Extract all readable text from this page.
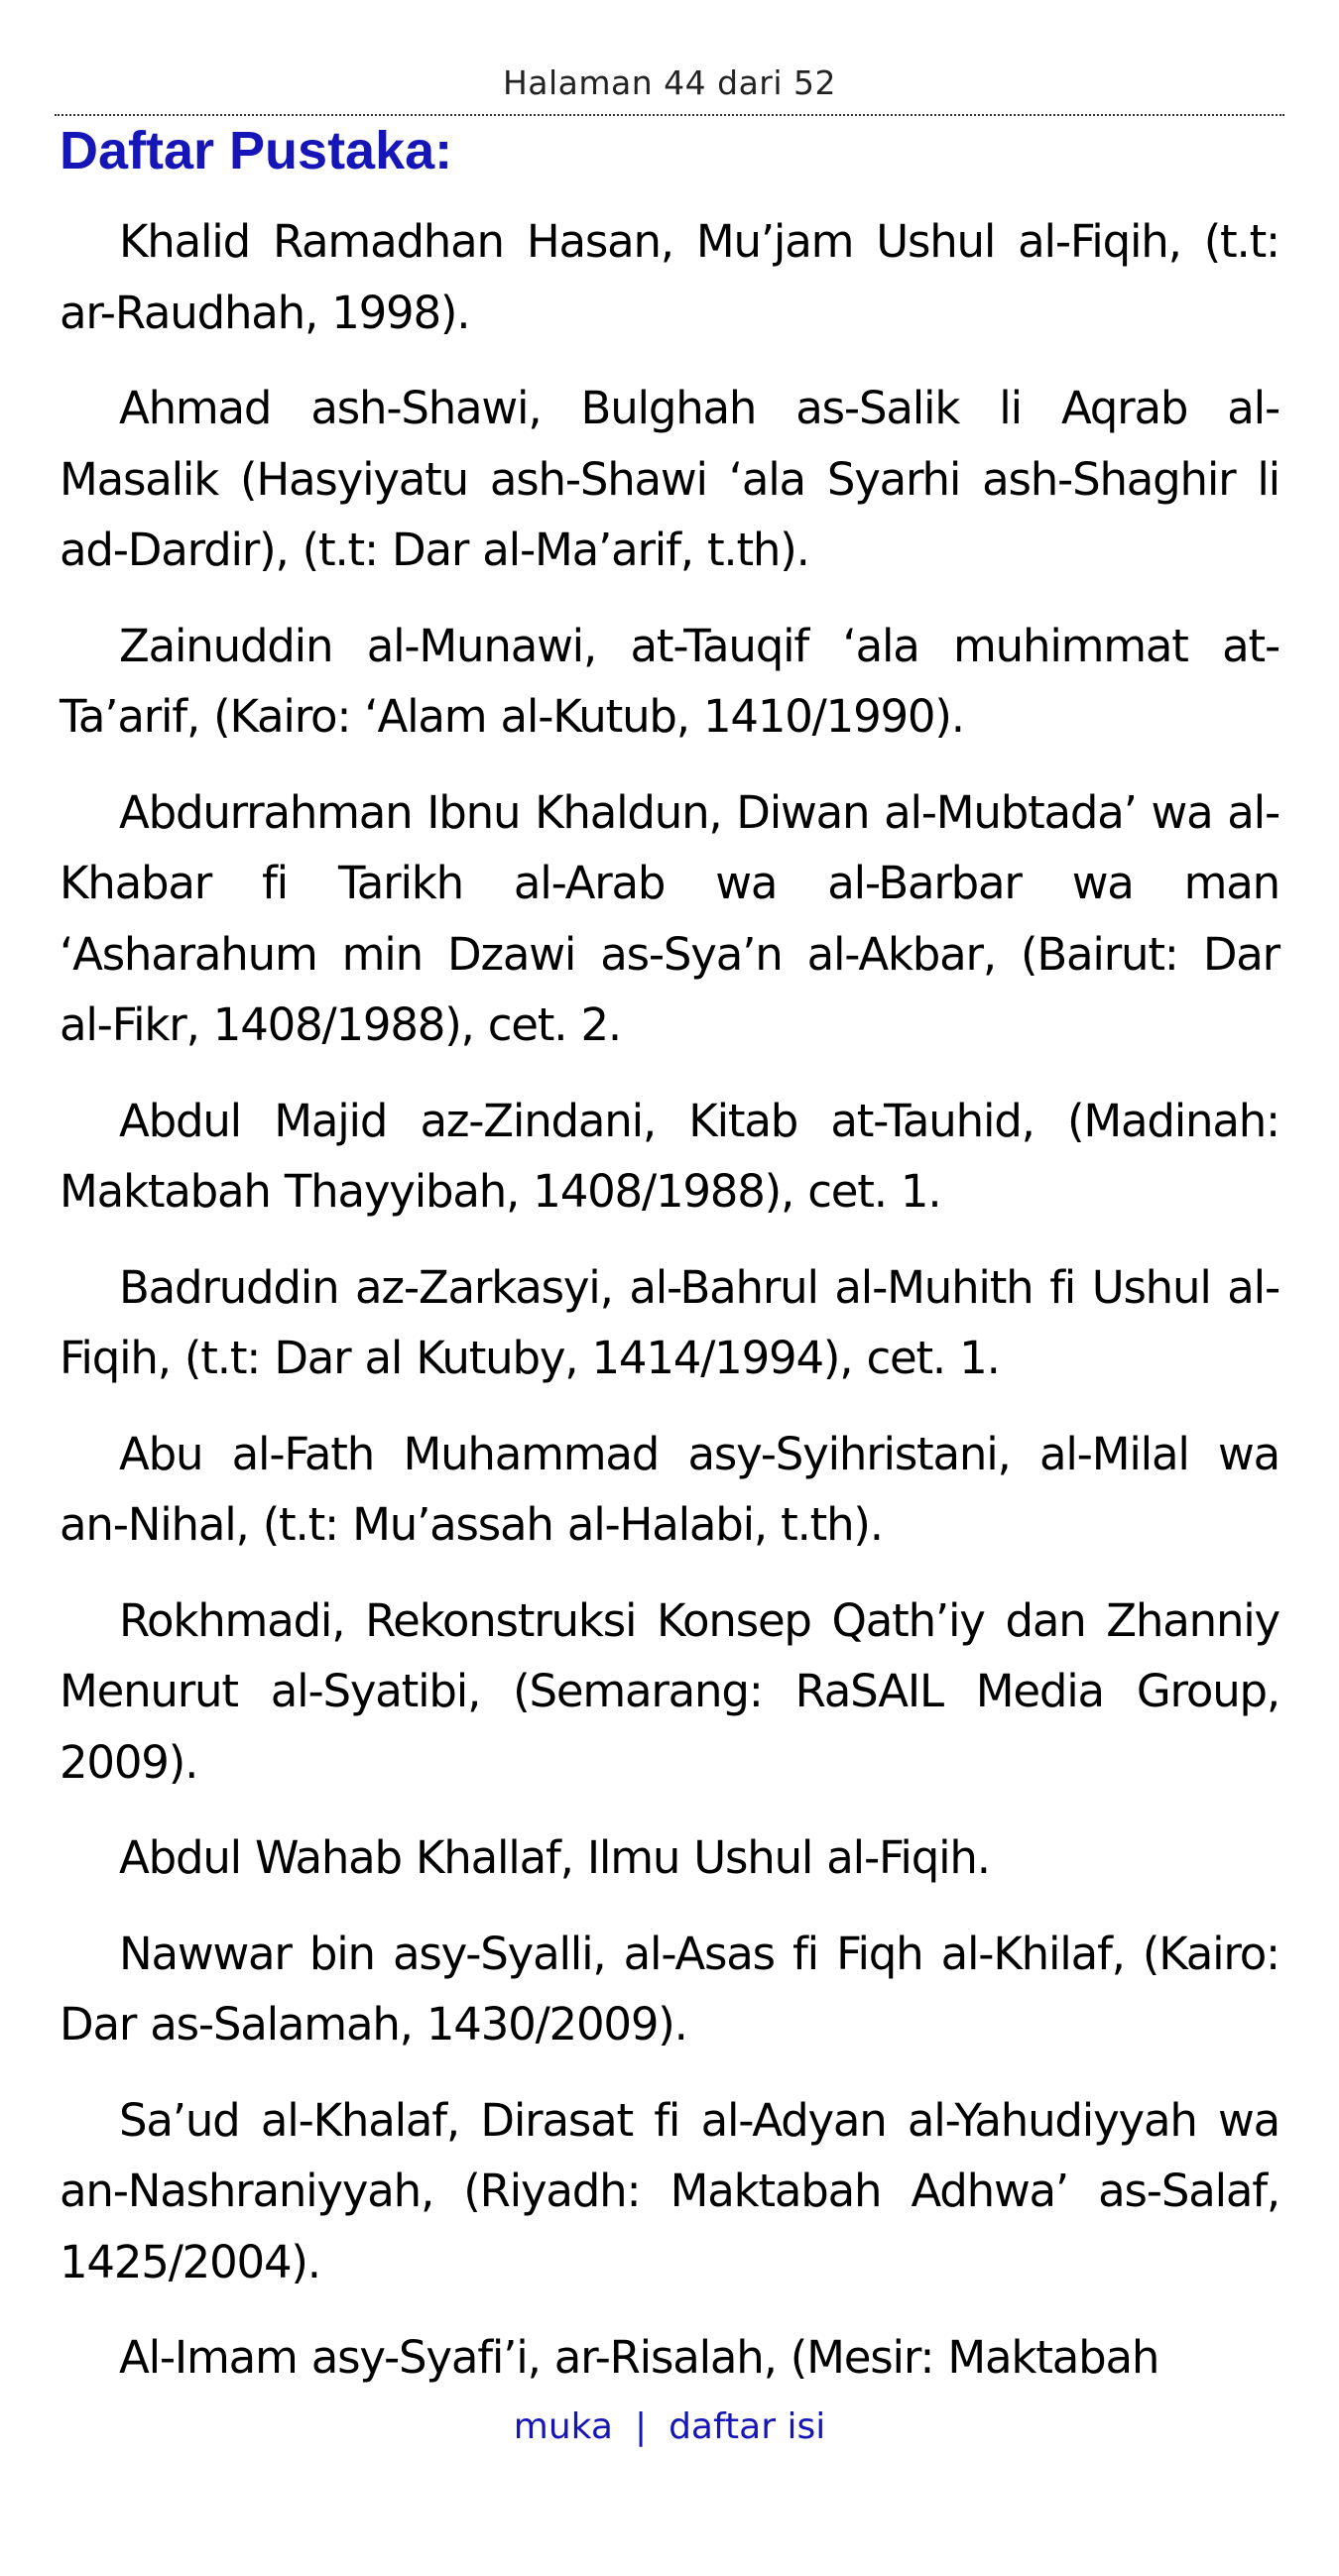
Halaman 44 dari 52
Daftar Pustaka:

Khalid Ramadhan Hasan, Mu’jam Ushul al-Fiqih, (t.t: ar-Raudhah, 1998).

Ahmad ash-Shawi, Bulghah as-Salik li Aqrab al-Masalik (Hasyiyatu ash-Shawi ‘ala Syarhi ash-Shaghir li ad-Dardir), (t.t: Dar al-Ma’arif, t.th).

Zainuddin al-Munawi, at-Tauqif ‘ala muhimmat at-Ta’arif, (Kairo: ‘Alam al-Kutub, 1410/1990).

Abdurrahman Ibnu Khaldun, Diwan al-Mubtada’ wa al-Khabar fi Tarikh al-Arab wa al-Barbar wa man ‘Asharahum min Dzawi as-Sya’n al-Akbar, (Bairut: Dar al-Fikr, 1408/1988), cet. 2.

Abdul Majid az-Zindani, Kitab at-Tauhid, (Madinah: Maktabah Thayyibah, 1408/1988), cet. 1.

Badruddin az-Zarkasyi, al-Bahrul al-Muhith fi Ushul al-Fiqih, (t.t: Dar al Kutuby, 1414/1994), cet. 1.

Abu al-Fath Muhammad asy-Syihristani, al-Milal wa an-Nihal, (t.t: Mu’assah al-Halabi, t.th).

Rokhmadi, Rekonstruksi Konsep Qath’iy dan Zhanniy Menurut al-Syatibi, (Semarang: RaSAIL Media Group, 2009).

Abdul Wahab Khallaf, Ilmu Ushul al-Fiqih.

Nawwar bin asy-Syalli, al-Asas fi Fiqh al-Khilaf, (Kairo: Dar as-Salamah, 1430/2009).

Sa’ud al-Khalaf, Dirasat fi al-Adyan al-Yahudiyyah wa an-Nashraniyyah, (Riyadh: Maktabah Adhwa’ as-Salaf, 1425/2004).

Al-Imam asy-Syafi’i, ar-Risalah, (Mesir: Maktabah

muka | daftar isi
